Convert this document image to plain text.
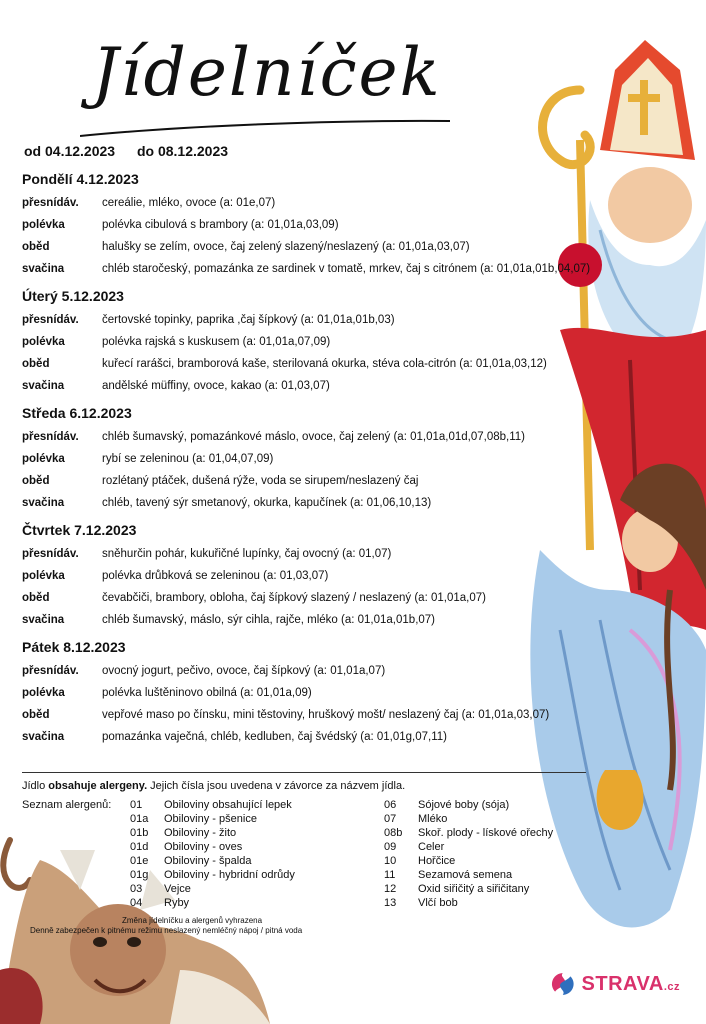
Jídelníček
od 04.12.2023 do 08.12.2023
Pondělí 4.12.2023
přesnídáv.	cereálie, mléko, ovoce (a: 01e,07)
polévka	polévka cibulová s brambory (a: 01,01a,03,09)
oběd	halušky se zelím, ovoce, čaj zelený slazený/neslazený (a: 01,01a,03,07)
svačina	chléb staročeský, pomazánka ze sardinek v tomatě, mrkev, čaj s citrónem (a: 01,01a,01b,04,07)
Úterý 5.12.2023
přesnídáv.	čertovské topinky, paprika ,čaj šípkový (a: 01,01a,01b,03)
polévka	polévka rajská s kuskusem (a: 01,01a,07,09)
oběd	kuřecí rarášci, bramborová kaše, sterilovaná okurka, stéva cola-citrón (a: 01,01a,03,12)
svačina	andělské müffiny, ovoce, kakao (a: 01,03,07)
Středa 6.12.2023
přesnídáv.	chléb šumavský, pomazánkové máslo, ovoce, čaj zelený (a: 01,01a,01d,07,08b,11)
polévka	rybí se zeleninou (a: 01,04,07,09)
oběd	rozlétaný ptáček, dušená rýže, voda se sirupem/neslazený čaj
svačina	chléb, tavený sýr smetanový, okurka, kapučínek (a: 01,06,10,13)
Čtvrtek 7.12.2023
přesnídáv.	sněhurčin pohár, kukuřičné lupínky, čaj ovocný (a: 01,07)
polévka	polévka drůbková se zeleninou (a: 01,03,07)
oběd	čevabčiči, brambory, obloha, čaj šípkový slazený / neslazený (a: 01,01a,07)
svačina	chléb šumavský, máslo, sýr cihla, rajče, mléko (a: 01,01a,01b,07)
Pátek 8.12.2023
přesnídáv.	ovocný jogurt, pečivo, ovoce, čaj šípkový (a: 01,01a,07)
polévka	polévka luštěninovo obilná (a: 01,01a,09)
oběd	vepřové maso po čínsku, mini těstoviny, hruškový mošt/ neslazený čaj (a: 01,01a,03,07)
svačina	pomazánka vaječná, chléb, kedluben, čaj švédský (a: 01,01g,07,11)
Jídlo obsahuje alergeny. Jejich čísla jsou uvedena v závorce za názvem jídla.
Seznam alergenů: 01	Obiloviny obsahující lepek
01a	Obiloviny - pšenice
01b	Obiloviny - žito
01d	Obiloviny - oves
01e	Obiloviny - špalda
01g	Obiloviny - hybridní odrůdy
03	Vejce
04	Ryby
06	Sójové boby (sója)
07	Mléko
08b	Skoř. plody - lískové ořechy
09	Celer
10	Hořčice
11	Sezamová semena
12	Oxid siřičitý a siřičitany
13	Vlčí bob
Změna jídelníčku a alergenů vyhrazena
Denně zabezpečen k pitnému režimu neslazený nemléčný nápoj / pitná voda
STRAVA.cz
